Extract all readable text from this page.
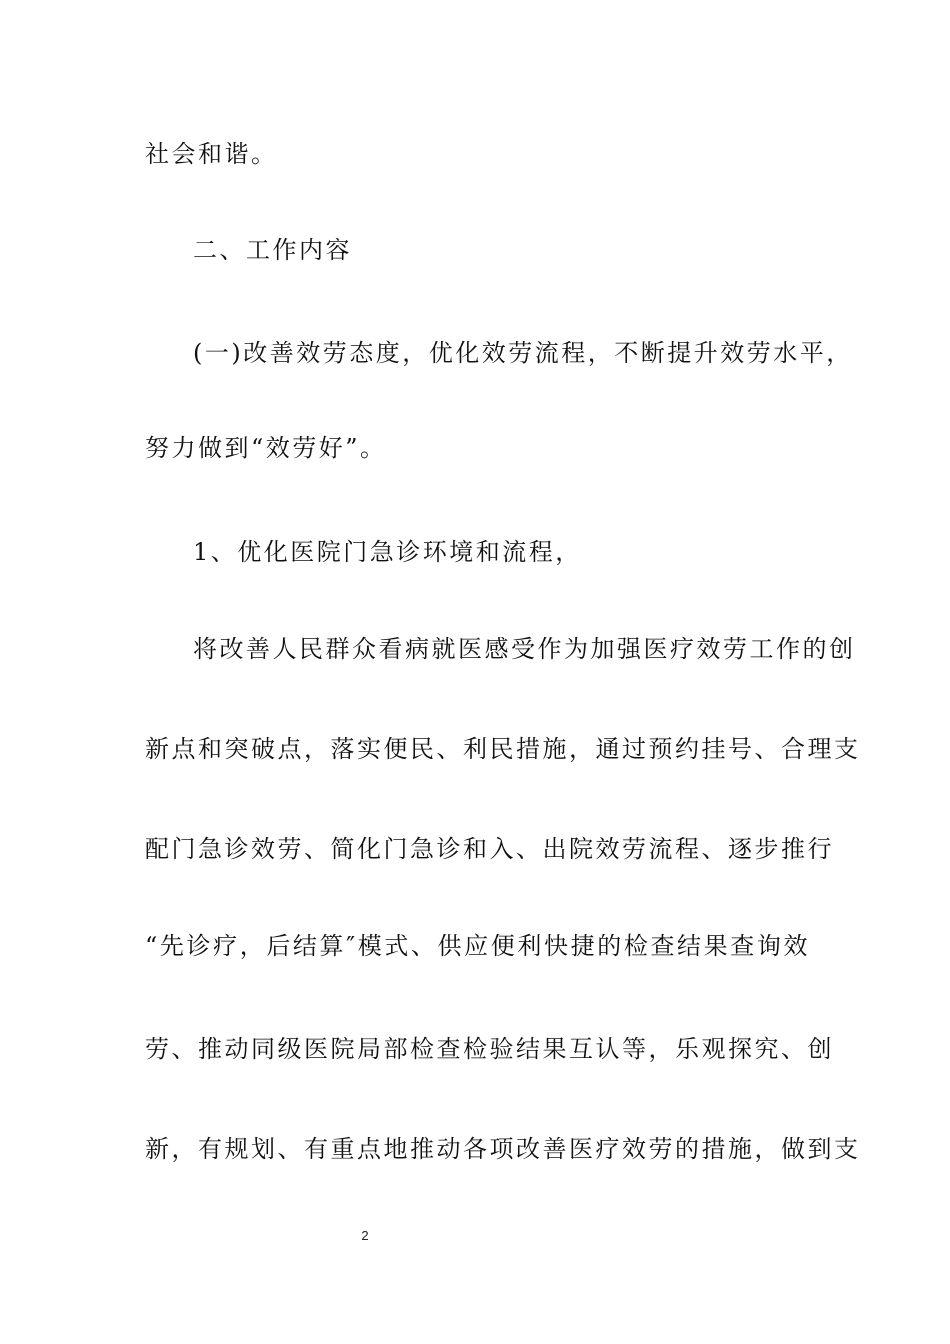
社会和谐。
二、工作内容
(一)改善效劳态度，优化效劳流程，不断提升效劳水平，
努力做到“效劳好”。
1、优化医院门急诊环境和流程，
将改善人民群众看病就医感受作为加强医疗效劳工作的创
新点和突破点，落实便民、利民措施，通过预约挂号、合理支
配门急诊效劳、简化门急诊和入、出院效劳流程、逐步推行
“先诊疗，后结算″模式、供应便利快捷的检查结果查询效
劳、推动同级医院局部检查检验结果互认等，乐观探究、创
新，有规划、有重点地推动各项改善医疗效劳的措施，做到支
2
